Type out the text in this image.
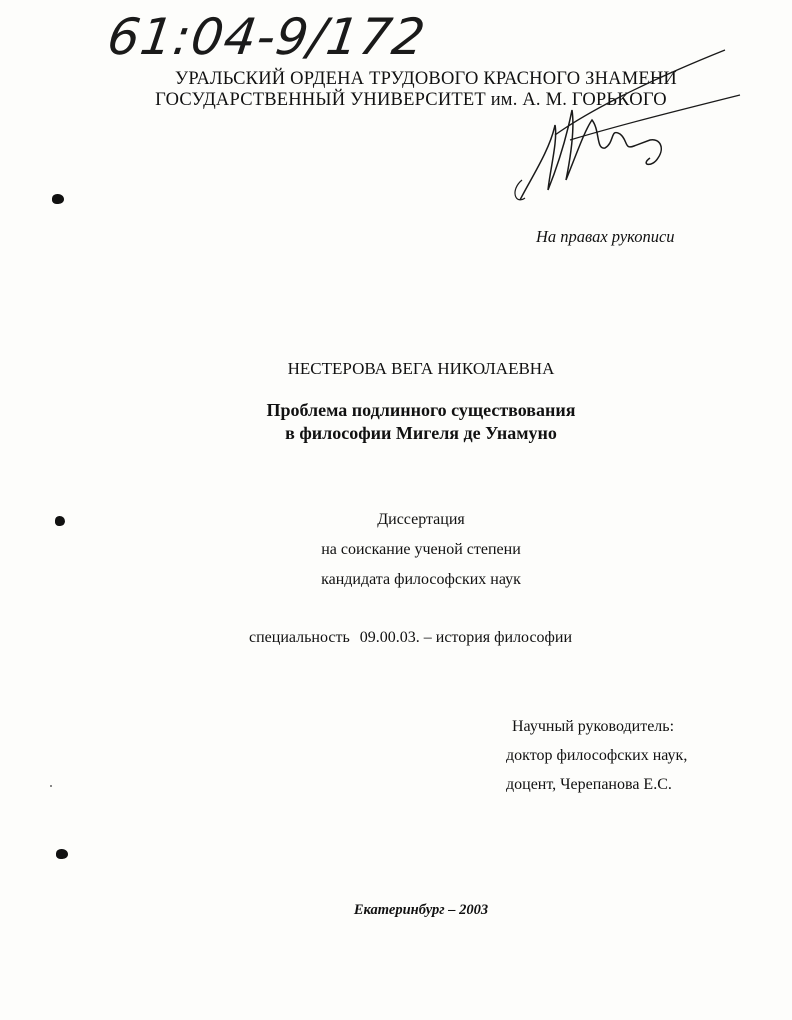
61:04-9/172
УРАЛЬСКИЙ ОРДЕНА ТРУДОВОГО КРАСНОГО ЗНАМЕНИ
ГОСУДАРСТВЕННЫЙ УНИВЕРСИТЕТ им. А. М. ГОРЬКОГО
На правах рукописи
НЕСТЕРОВА ВЕГА НИКОЛАЕВНА
Проблема подлинного существования
в философии Мигеля де Унамуно
Диссертация
на соискание ученой степени
кандидата философских наук
специальность 09.00.03. – история философии
Научный руководитель:
доктор философских наук,
доцент, Черепанова Е.С.
Екатеринбург – 2003
